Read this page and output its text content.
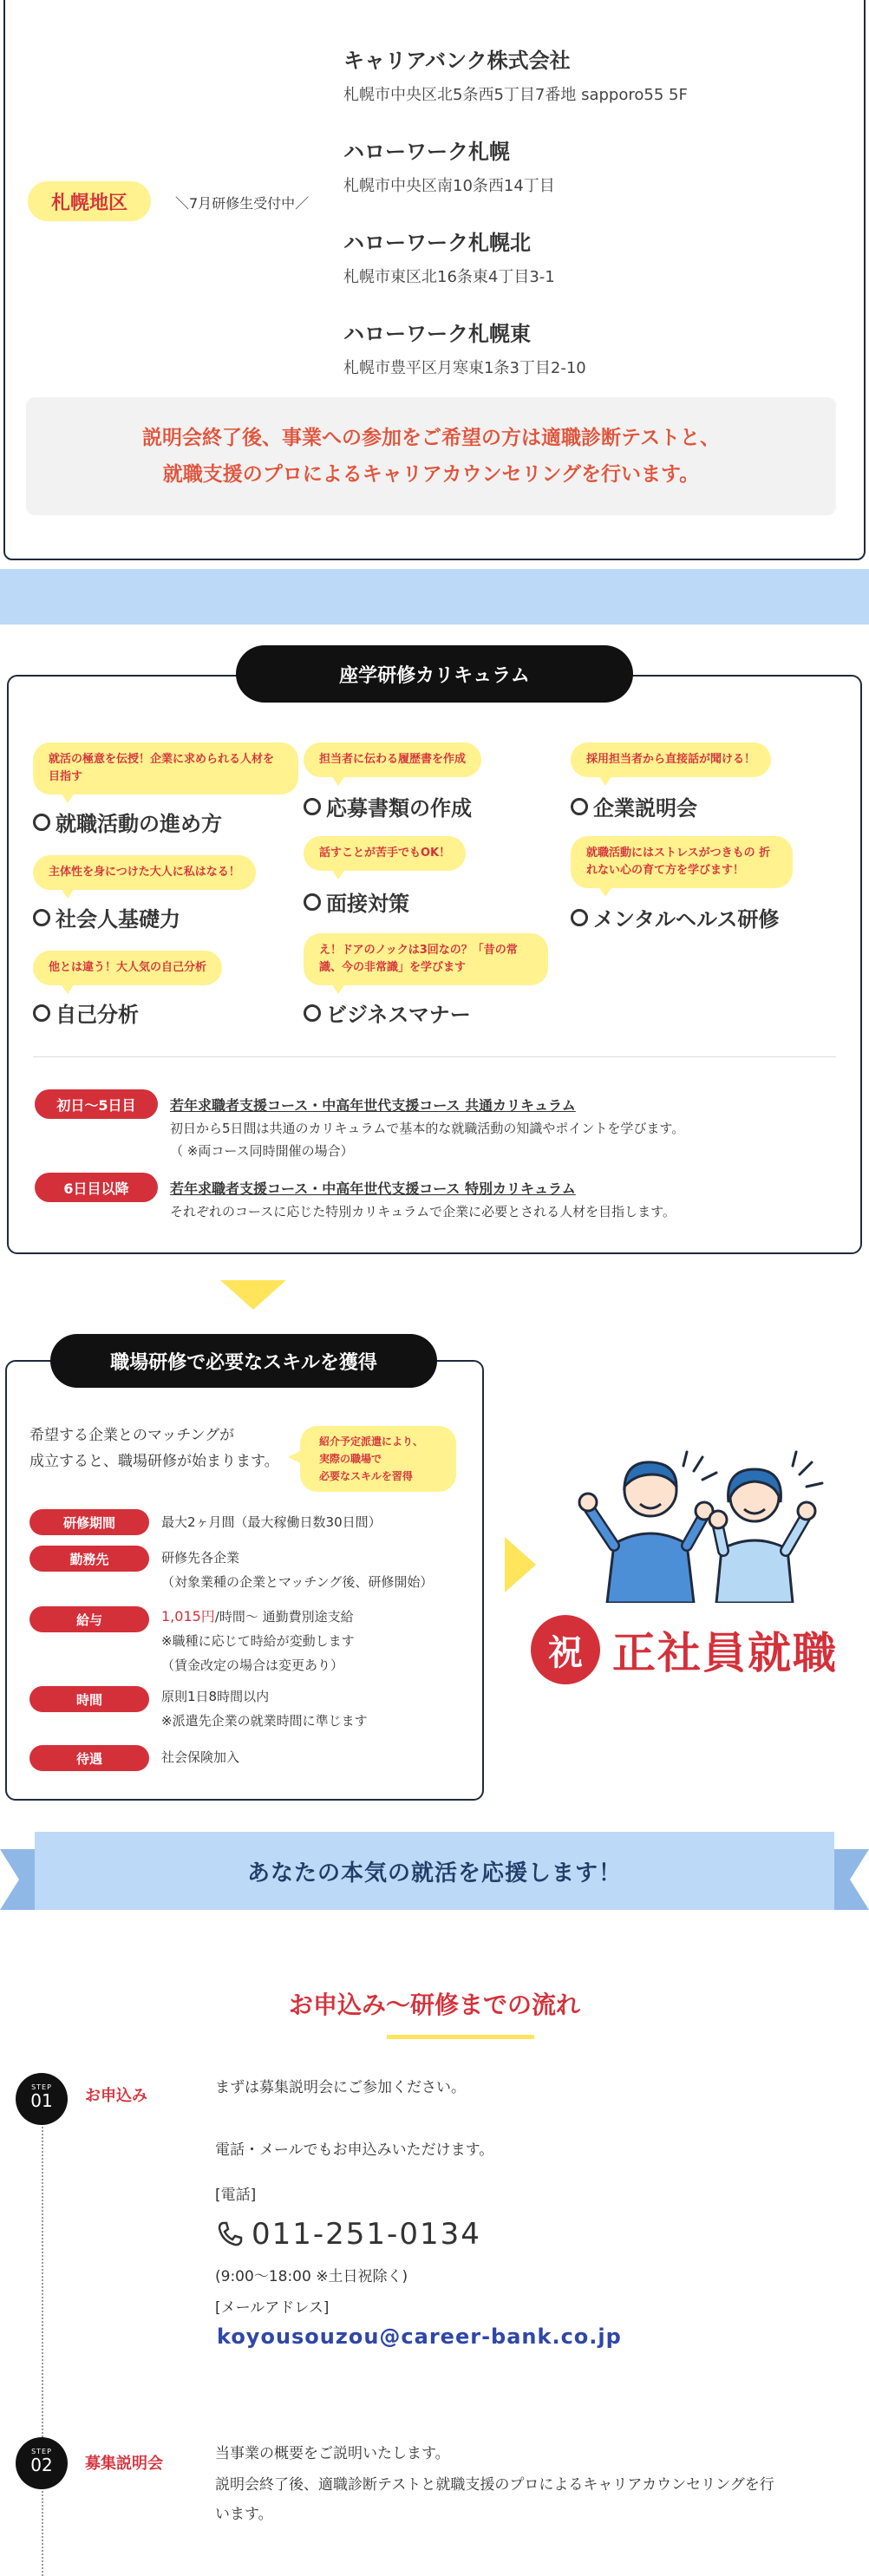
札幌地区	＼7月研修生受付中／
キャリアバンク株式会社
札幌市中央区北5条西5丁目7番地 sapporo55 5F
ハローワーク札幌
札幌市中央区南10条西14丁目
ハローワーク札幌北
札幌市東区北16条東4丁目3-1
ハローワーク札幌東
札幌市豊平区月寒東1条3丁目2-10
説明会終了後、事業への参加をご希望の方は適職診断テストと、
就職支援のプロによるキャリアカウンセリングを行います。
座学研修カリキュラム
就活の極意を伝授！企業に求められる人材を目指す
就職活動の進め方
主体性を身につけた大人に私はなる！
社会人基礎力
他とは違う！大人気の自己分析
自己分析
担当者に伝わる履歴書を作成
応募書類の作成
話すことが苦手でもOK！
面接対策
え！ドアのノックは3回なの？「昔の常識、今の非常識」を学びます
ビジネスマナー
採用担当者から直接話が聞ける！
企業説明会
就職活動にはストレスがつきもの 折れない心の育て方を学びます！
メンタルヘルス研修
初日～5日目	若年求職者支援コース・中高年世代支援コース 共通カリキュラム
初日から5日間は共通のカリキュラムで基本的な就職活動の知識やポイントを学びます。
（ ※両コース同時開催の場合）
6日目以降	若年求職者支援コース・中高年世代支援コース 特別カリキュラム
それぞれのコースに応じた特別カリキュラムで企業に必要とされる人材を目指します。
職場研修で必要なスキルを獲得
希望する企業とのマッチングが
成立すると、職場研修が始まります。
紹介予定派遣により、
実際の職場で
必要なスキルを習得
研修期間	最大2ヶ月間（最大稼働日数30日間）
勤務先	研修先各企業
（対象業種の企業とマッチング後、研修開始）
給与	1,015円/時間～ 通勤費別途支給
※職種に応じて時給が変動します
（賃金改定の場合は変更あり）
時間	原則1日8時間以内
※派遣先企業の就業時間に準じます
待遇	社会保険加入
祝 正社員就職
あなたの本気の就活を応援します！
お申込み～研修までの流れ
STEP
01	お申込み	まずは募集説明会にご参加ください。
電話・メールでもお申込みいただけます。
[電話]
011-251-0134
(9:00～18:00 ※土日祝除く)
[メールアドレス]
koyousouzou@career-bank.co.jp
STEP
02	募集説明会
当事業の概要をご説明いたします。
説明会終了後、適職診断テストと就職支援のプロによるキャリアカウンセリングを行
います。
